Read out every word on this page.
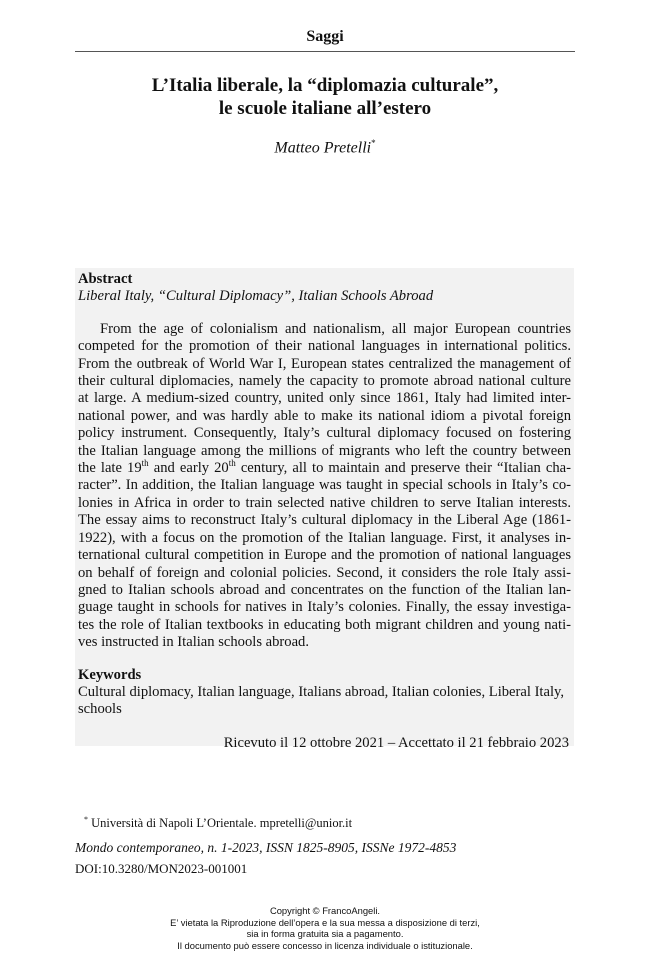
Saggi
L’Italia liberale, la “diplomazia culturale”,
le scuole italiane all’estero
Matteo Pretelli*
Abstract
Liberal Italy, “Cultural Diplomacy”, Italian Schools Abroad
From the age of colonialism and nationalism, all major European countries
competed for the promotion of their national languages in international politics.
From the outbreak of World War I, European states centralized the management of
their cultural diplomacies, namely the capacity to promote abroad national culture
at large. A medium-sized country, united only since 1861, Italy had limited inter-
national power, and was hardly able to make its national idiom a pivotal foreign
policy instrument. Consequently, Italy’s cultural diplomacy focused on fostering
the Italian language among the millions of migrants who left the country between
the late 19th and early 20th century, all to maintain and preserve their “Italian cha-
racter”. In addition, the Italian language was taught in special schools in Italy’s co-
lonies in Africa in order to train selected native children to serve Italian interests.
The essay aims to reconstruct Italy’s cultural diplomacy in the Liberal Age (1861-
1922), with a focus on the promotion of the Italian language. First, it analyses in-
ternational cultural competition in Europe and the promotion of national languages
on behalf of foreign and colonial policies. Second, it considers the role Italy assi-
gned to Italian schools abroad and concentrates on the function of the Italian lan-
guage taught in schools for natives in Italy’s colonies. Finally, the essay investiga-
tes the role of Italian textbooks in educating both migrant children and young nati-
ves instructed in Italian schools abroad.
Keywords
Cultural diplomacy, Italian language, Italians abroad, Italian colonies, Liberal Italy, schools
Ricevuto il 12 ottobre 2021 – Accettato il 21 febbraio 2023
* Università di Napoli L’Orientale. mpretelli@unior.it
Mondo contemporaneo, n. 1-2023, ISSN 1825-8905, ISSNe 1972-4853
DOI:10.3280/MON2023-001001
Copyright © FrancoAngeli.
E’ vietata la Riproduzione dell’opera e la sua messa a disposizione di terzi,
sia in forma gratuita sia a pagamento.
Il documento può essere concesso in licenza individuale o istituzionale.
